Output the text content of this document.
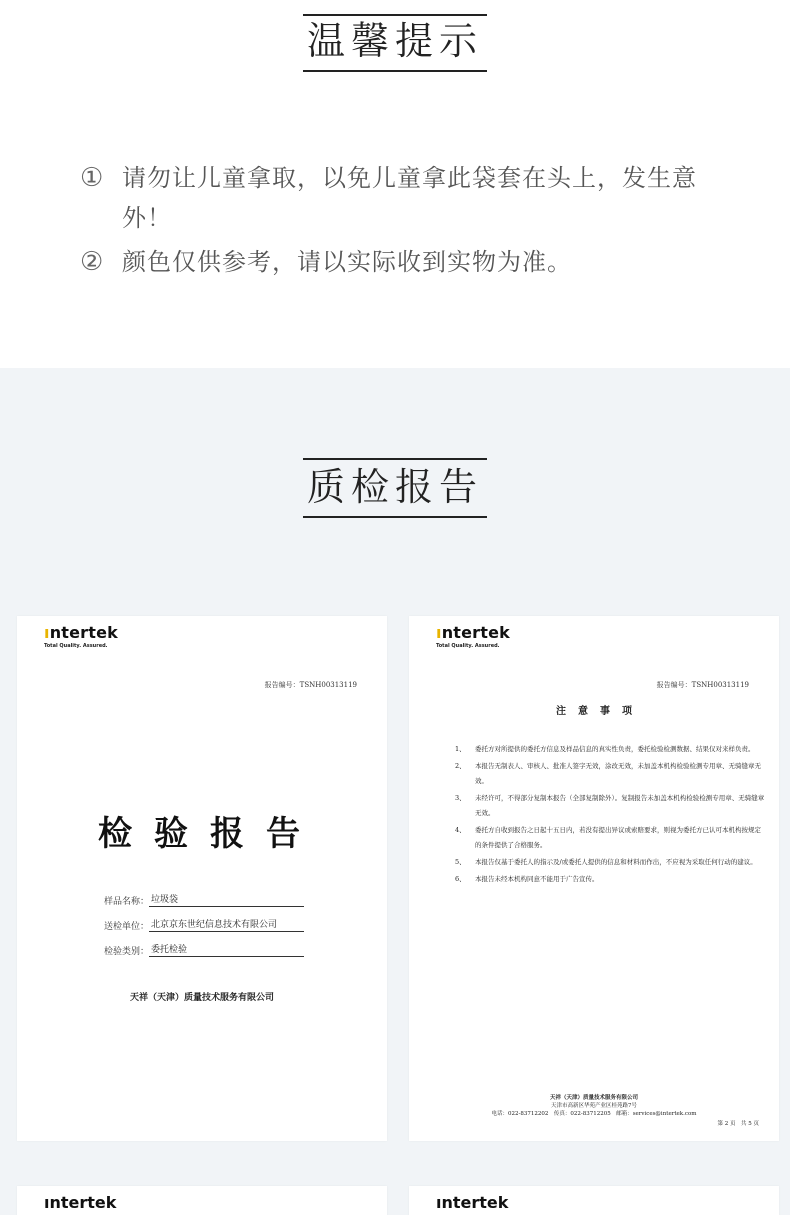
温馨提示
① 请勿让儿童拿取，以免儿童拿此袋套在头上，发生意外！
② 颜色仅供参考，请以实际收到实物为准。
质检报告
ıntertek
Total Quality. Assured.
报告编号：TSNH00313119
检验报告
样品名称： 垃圾袋
送检单位： 北京京东世纪信息技术有限公司
检验类别： 委托检验
天祥（天津）质量技术服务有限公司
ıntertek
Total Quality. Assured.
报告编号：TSNH00313119
注意事项
1、	委托方对所提供的委托方信息及样品信息的真实性负责，委托检验检测数据、结果仅对来样负责。
2、	本报告无制表人、审核人、批准人签字无效，涂改无效，未加盖本机构检验检测专用章、无骑缝章无效。
3、	未经许可，不得部分复制本报告（全部复制除外）。复制报告未加盖本机构检验检测专用章、无骑缝章无效。
4、	委托方自收到报告之日起十五日内，若没有提出异议或索赔要求，则视为委托方已认可本机构按规定的条件提供了合格服务。
5、	本报告仅基于委托人的指示及/或委托人提供的信息和材料而作出，不应视为采取任何行动的建议。
6、	本报告未经本机构同意不能用于广告宣传。
天祥（天津）质量技术服务有限公司
天津市高新区华苑产业区桂苑路7号
电话：022-83712202　传真：022-83712205　邮箱：services@intertek.com
第 2 页　共 5 页
ıntertek	ıntertek
